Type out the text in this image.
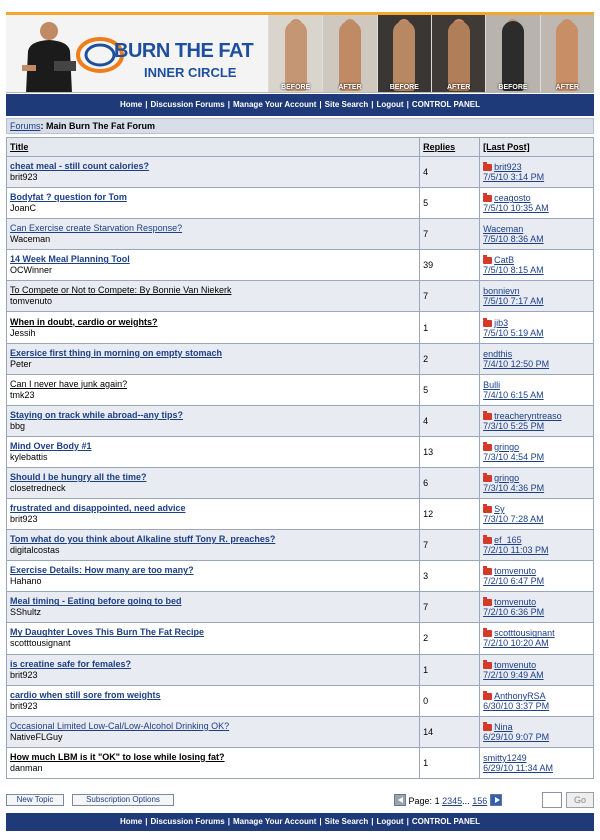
BURN THE FAT
INNER CIRCLE
BEFORE	AFTER	BEFORE	AFTER	BEFORE	AFTER
Home | Discussion Forums | Manage Your Account | Site Search | Logout | CONTROL PANEL
Forums: Main Burn The Fat Forum
Title	Replies	[Last Post]

cheat meal - still count calories?
brit923	4	brit923
7/5/10 3:14 PM

Bodyfat ? question for Tom
JoanC	5	ceagosto
7/5/10 10:35 AM

Can Exercise create Starvation Response?
Waceman	7	Waceman
7/5/10 8:36 AM

14 Week Meal Planning Tool
OCWinner	39	CatB
7/5/10 8:15 AM

To Compete or Not to Compete: By Bonnie Van Niekerk
tomvenuto	7	bonnievn
7/5/10 7:17 AM

When in doubt, cardio or weights?
Jessih	1	jib3
7/5/10 5:19 AM

Exersice first thing in morning on empty stomach
Peter	2	endthis
7/4/10 12:50 PM

Can I never have junk again?
tmk23	5	Bulli
7/4/10 6:15 AM

Staying on track while abroad--any tips?
bbg	4	treacheryntreaso
7/3/10 5:25 PM

Mind Over Body #1
kylebattis	13	gringo
7/3/10 4:54 PM

Should I be hungry all the time?
closetredneck	6	gringo
7/3/10 4:36 PM

frustrated and disappointed, need advice
brit923	12	Sy
7/3/10 7:28 AM

Tom what do you think about Alkaline stuff Tony R. preaches?
digitalcostas	7	ef_165
7/2/10 11:03 PM

Exercise Details: How many are too many?
Hahano	3	tomvenuto
7/2/10 6:47 PM

Meal timing - Eating before going to bed
SShultz	7	tomvenuto
7/2/10 6:36 PM

My Daughter Loves This Burn The Fat Recipe
scotttousignant	2	scotttousignant
7/2/10 10:20 AM

is creatine safe for females?
brit923	1	tomvenuto
7/2/10 9:49 AM

cardio when still sore from weights
brit923	0	AnthonyRSA
6/30/10 3:37 PM

Occasional Limited Low-Cal/Low-Alcohol Drinking OK?
NativeFLGuy	14	Nina
6/29/10 9:07 PM

How much LBM is it "OK" to lose while losing fat?
danman	1	smitty1249
6/29/10 11:34 AM
New Topic	Subscription Options	Page: 1 2345... 156	Go
Home | Discussion Forums | Manage Your Account | Site Search | Logout | CONTROL PANEL
